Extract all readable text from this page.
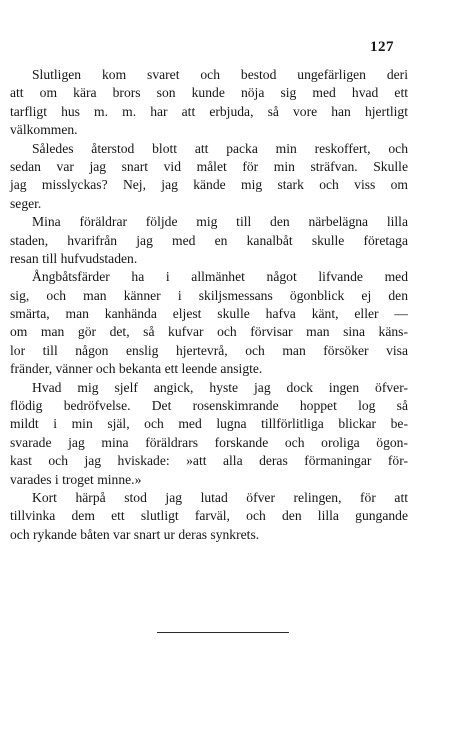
127
Slutligen kom svaret och bestod ungefärligen deri
att om kära brors son kunde nöja sig med hvad ett
tarfligt hus m. m. har att erbjuda, så vore han hjertligt
välkommen.
Således återstod blott att packa min reskoffert, och
sedan var jag snart vid målet för min sträfvan. Skulle
jag misslyckas? Nej, jag kände mig stark och viss om
seger.
Mina föräldrar följde mig till den närbelägna lilla
staden, hvarifrån jag med en kanalbåt skulle företaga
resan till hufvudstaden.
Ångbåtsfärder ha i allmänhet något lifvande med
sig, och man känner i skiljsmessans ögonblick ej den
smärta, man kanhända eljest skulle hafva känt, eller —
om man gör det, så kufvar och förvisar man sina käns-
lor till någon enslig hjertevrå, och man försöker visa
fränder, vänner och bekanta ett leende ansigte.
Hvad mig sjelf angick, hyste jag dock ingen öfver-
flödig bedröfvelse. Det rosenskimrande hoppet log så
mildt i min själ, och med lugna tillförlitliga blickar be-
svarade jag mina föräldrars forskande och oroliga ögon-
kast och jag hviskade: »att alla deras förmaningar för-
varades i troget minne.»
Kort härpå stod jag lutad öfver relingen, för att
tillvinka dem ett slutligt farväl, och den lilla gungande
och rykande båten var snart ur deras synkrets.
